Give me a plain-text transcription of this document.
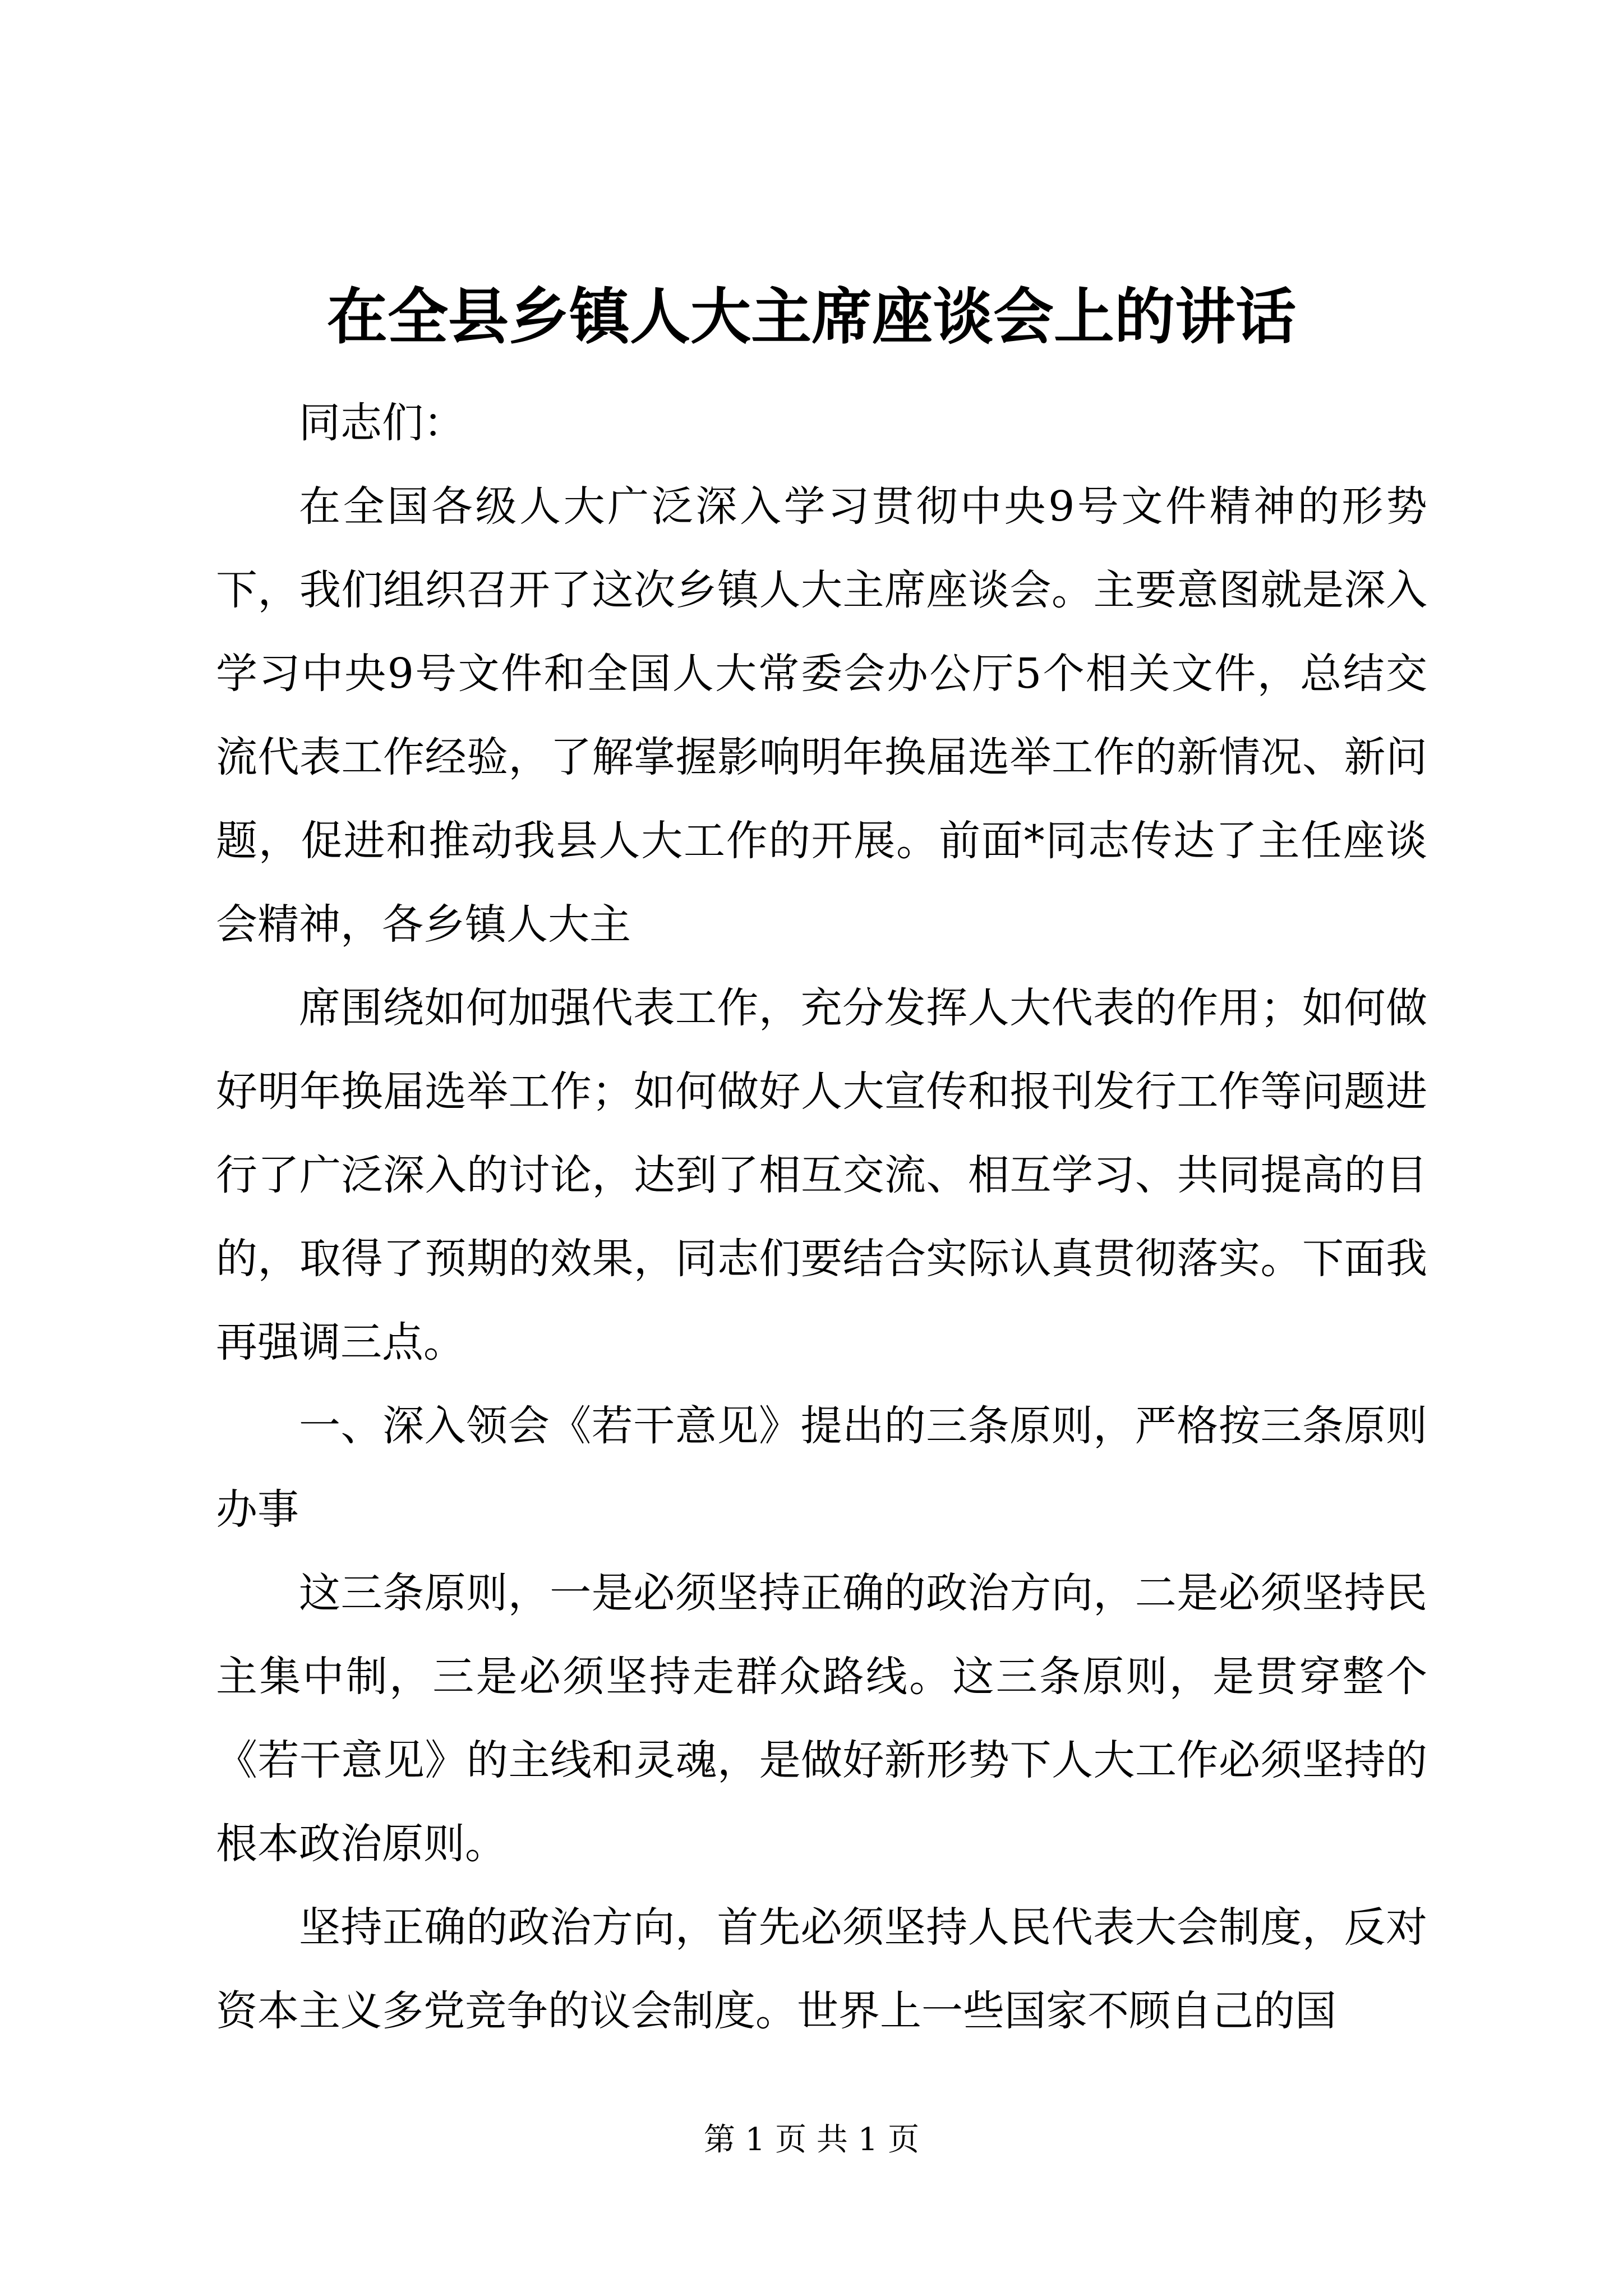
在全县乡镇人大主席座谈会上的讲话

同志们：

在全国各级人大广泛深入学习贯彻中央9号文件精神的形势下，我们组织召开了这次乡镇人大主席座谈会。主要意图就是深入学习中央9号文件和全国人大常委会办公厅5个相关文件，总结交流代表工作经验，了解掌握影响明年换届选举工作的新情况、新问题，促进和推动我县人大工作的开展。前面*同志传达了主任座谈会精神，各乡镇人大主

席围绕如何加强代表工作，充分发挥人大代表的作用；如何做好明年换届选举工作；如何做好人大宣传和报刊发行工作等问题进行了广泛深入的讨论，达到了相互交流、相互学习、共同提高的目的，取得了预期的效果，同志们要结合实际认真贯彻落实。下面我再强调三点。

一、深入领会《若干意见》提出的三条原则，严格按三条原则办事

这三条原则，一是必须坚持正确的政治方向，二是必须坚持民主集中制，三是必须坚持走群众路线。这三条原则，是贯穿整个《若干意见》的主线和灵魂，是做好新形势下人大工作必须坚持的根本政治原则。

坚持正确的政治方向，首先必须坚持人民代表大会制度，反对资本主义多党竞争的议会制度。世界上一些国家不顾自己的国

第 1 页 共 1 页
